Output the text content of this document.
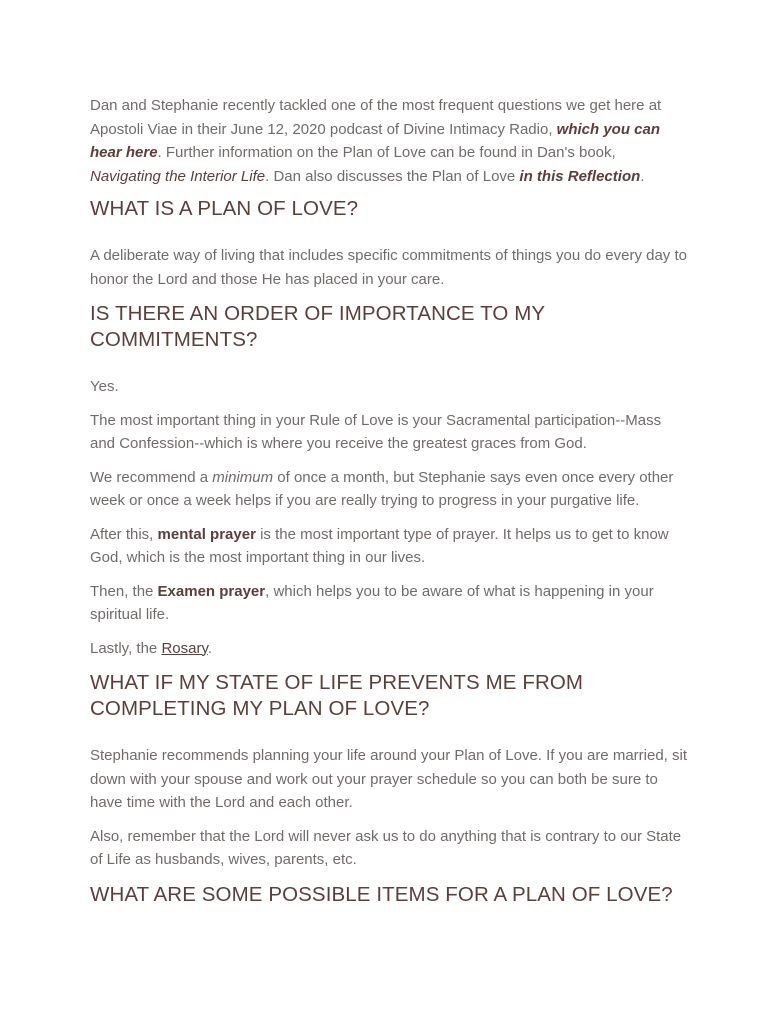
Dan and Stephanie recently tackled one of the most frequent questions we get here at Apostoli Viae in their June 12, 2020 podcast of Divine Intimacy Radio, which you can hear here. Further information on the Plan of Love can be found in Dan's book, Navigating the Interior Life. Dan also discusses the Plan of Love in this Reflection.

WHAT IS A PLAN OF LOVE?

A deliberate way of living that includes specific commitments of things you do every day to honor the Lord and those He has placed in your care.

IS THERE AN ORDER OF IMPORTANCE TO MY COMMITMENTS?

Yes.

The most important thing in your Rule of Love is your Sacramental participation--Mass and Confession--which is where you receive the greatest graces from God.

We recommend a minimum of once a month, but Stephanie says even once every other week or once a week helps if you are really trying to progress in your purgative life.

After this, mental prayer is the most important type of prayer. It helps us to get to know God, which is the most important thing in our lives.

Then, the Examen prayer, which helps you to be aware of what is happening in your spiritual life.

Lastly, the Rosary.

WHAT IF MY STATE OF LIFE PREVENTS ME FROM COMPLETING MY PLAN OF LOVE?

Stephanie recommends planning your life around your Plan of Love. If you are married, sit down with your spouse and work out your prayer schedule so you can both be sure to have time with the Lord and each other.

Also, remember that the Lord will never ask us to do anything that is contrary to our State of Life as husbands, wives, parents, etc.

WHAT ARE SOME POSSIBLE ITEMS FOR A PLAN OF LOVE?
